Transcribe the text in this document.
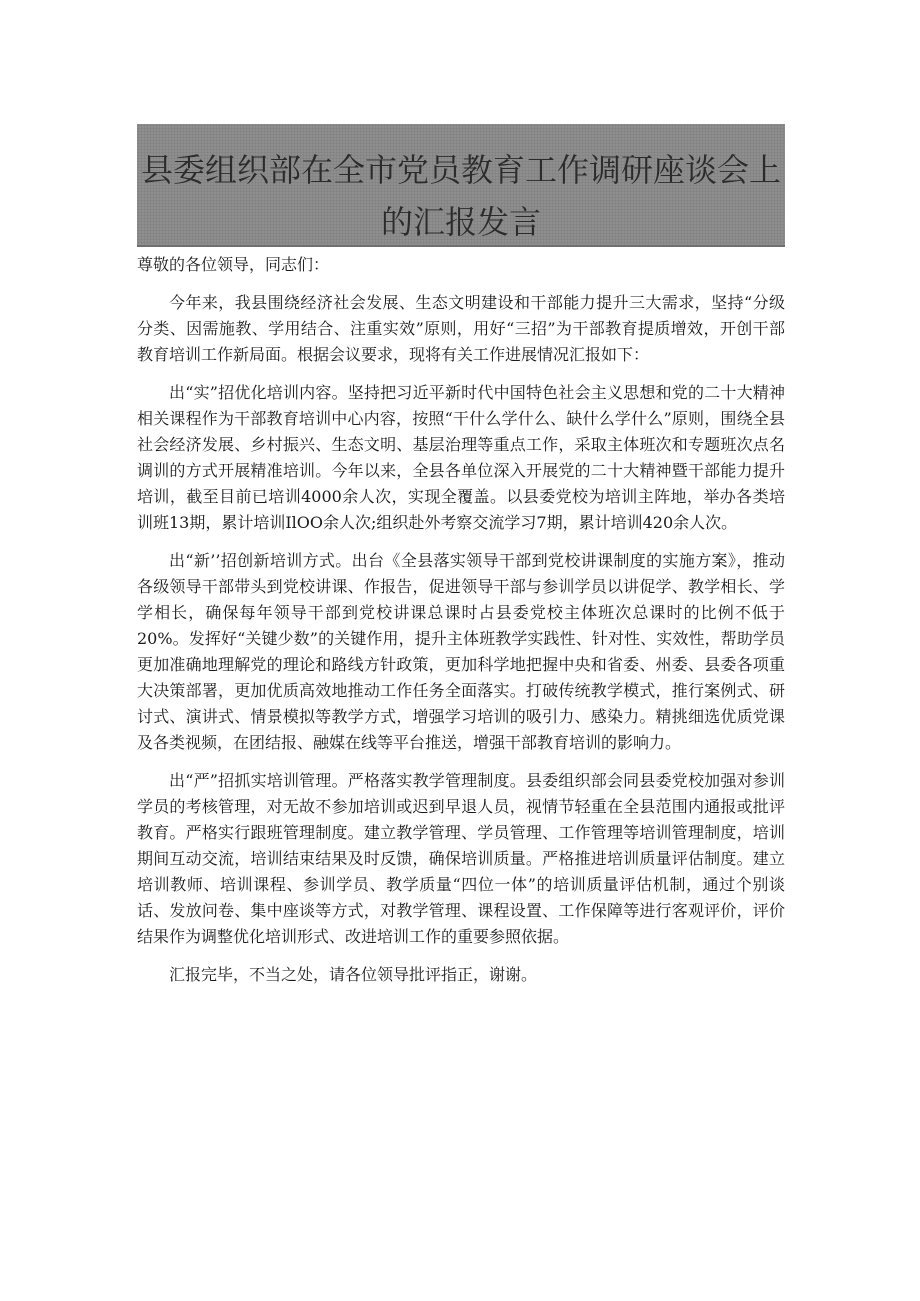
县委组织部在全市党员教育工作调研座谈会上的汇报发言

尊敬的各位领导，同志们：

今年来，我县围绕经济社会发展、生态文明建设和干部能力提升三大需求，坚持“分级分类、因需施教、学用结合、注重实效”原则，用好“三招”为干部教育提质增效，开创干部教育培训工作新局面。根据会议要求，现将有关工作进展情况汇报如下：

出“实”招优化培训内容。坚持把习近平新时代中国特色社会主义思想和党的二十大精神相关课程作为干部教育培训中心内容，按照“干什么学什么、缺什么学什么”原则，围绕全县社会经济发展、乡村振兴、生态文明、基层治理等重点工作，采取主体班次和专题班次点名调训的方式开展精准培训。今年以来，全县各单位深入开展党的二十大精神暨干部能力提升培训，截至目前已培训4000余人次，实现全覆盖。以县委党校为培训主阵地，举办各类培训班13期，累计培训IlOO余人次;组织赴外考察交流学习7期，累计培训420余人次。

出“新’’招创新培训方式。出台《全县落实领导干部到党校讲课制度的实施方案》，推动各级领导干部带头到党校讲课、作报告，促进领导干部与参训学员以讲促学、教学相长、学学相长，确保每年领导干部到党校讲课总课时占县委党校主体班次总课时的比例不低于20%。发挥好“关键少数”的关键作用，提升主体班教学实践性、针对性、实效性，帮助学员更加准确地理解党的理论和路线方针政策，更加科学地把握中央和省委、州委、县委各项重大决策部署，更加优质高效地推动工作任务全面落实。打破传统教学模式，推行案例式、研讨式、演讲式、情景模拟等教学方式，增强学习培训的吸引力、感染力。精挑细选优质党课及各类视频，在团结报、融媒在线等平台推送，增强干部教育培训的影响力。

出“严”招抓实培训管理。严格落实教学管理制度。县委组织部会同县委党校加强对参训学员的考核管理，对无故不参加培训或迟到早退人员，视情节轻重在全县范围内通报或批评教育。严格实行跟班管理制度。建立教学管理、学员管理、工作管理等培训管理制度，培训期间互动交流，培训结束结果及时反馈，确保培训质量。严格推进培训质量评估制度。建立培训教师、培训课程、参训学员、教学质量“四位一体”的培训质量评估机制，通过个别谈话、发放问卷、集中座谈等方式，对教学管理、课程设置、工作保障等进行客观评价，评价结果作为调整优化培训形式、改进培训工作的重要参照依据。

汇报完毕，不当之处，请各位领导批评指正，谢谢。
